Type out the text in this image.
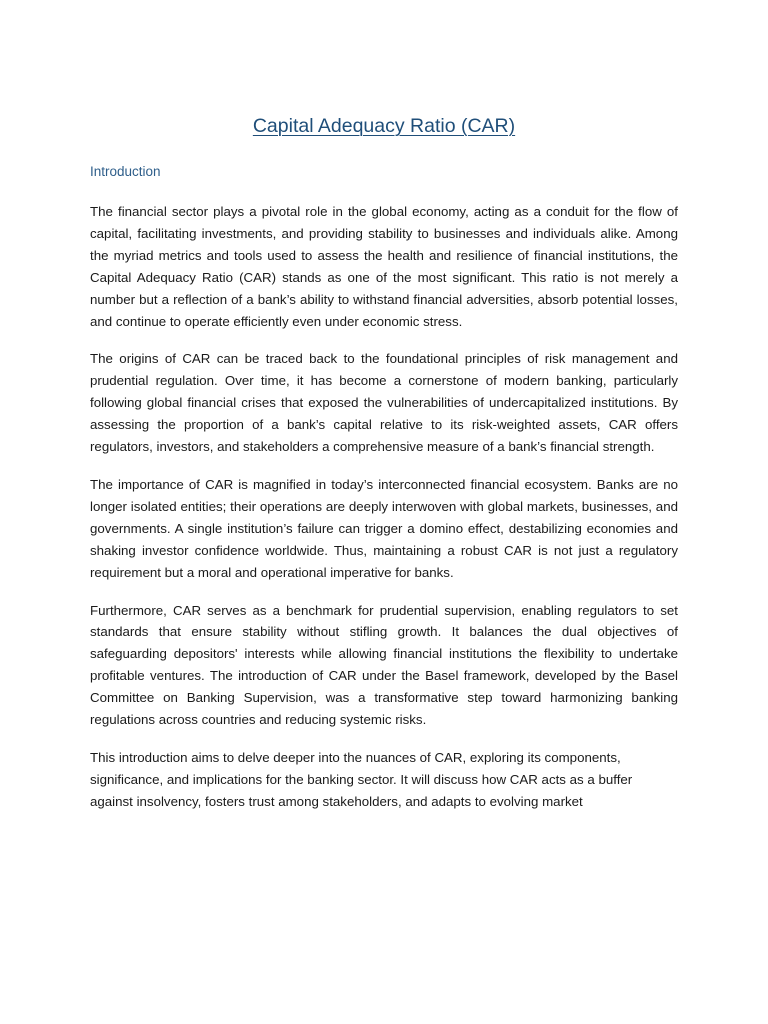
Capital Adequacy Ratio (CAR)
Introduction

The financial sector plays a pivotal role in the global economy, acting as a conduit for the flow of capital, facilitating investments, and providing stability to businesses and individuals alike. Among the myriad metrics and tools used to assess the health and resilience of financial institutions, the Capital Adequacy Ratio (CAR) stands as one of the most significant. This ratio is not merely a number but a reflection of a bank’s ability to withstand financial adversities, absorb potential losses, and continue to operate efficiently even under economic stress.

The origins of CAR can be traced back to the foundational principles of risk management and prudential regulation. Over time, it has become a cornerstone of modern banking, particularly following global financial crises that exposed the vulnerabilities of undercapitalized institutions. By assessing the proportion of a bank’s capital relative to its risk-weighted assets, CAR offers regulators, investors, and stakeholders a comprehensive measure of a bank’s financial strength.

The importance of CAR is magnified in today’s interconnected financial ecosystem. Banks are no longer isolated entities; their operations are deeply interwoven with global markets, businesses, and governments. A single institution’s failure can trigger a domino effect, destabilizing economies and shaking investor confidence worldwide. Thus, maintaining a robust CAR is not just a regulatory requirement but a moral and operational imperative for banks.

Furthermore, CAR serves as a benchmark for prudential supervision, enabling regulators to set standards that ensure stability without stifling growth. It balances the dual objectives of safeguarding depositors' interests while allowing financial institutions the flexibility to undertake profitable ventures. The introduction of CAR under the Basel framework, developed by the Basel Committee on Banking Supervision, was a transformative step toward harmonizing banking regulations across countries and reducing systemic risks.

This introduction aims to delve deeper into the nuances of CAR, exploring its components, significance, and implications for the banking sector. It will discuss how CAR acts as a buffer against insolvency, fosters trust among stakeholders, and adapts to evolving market
